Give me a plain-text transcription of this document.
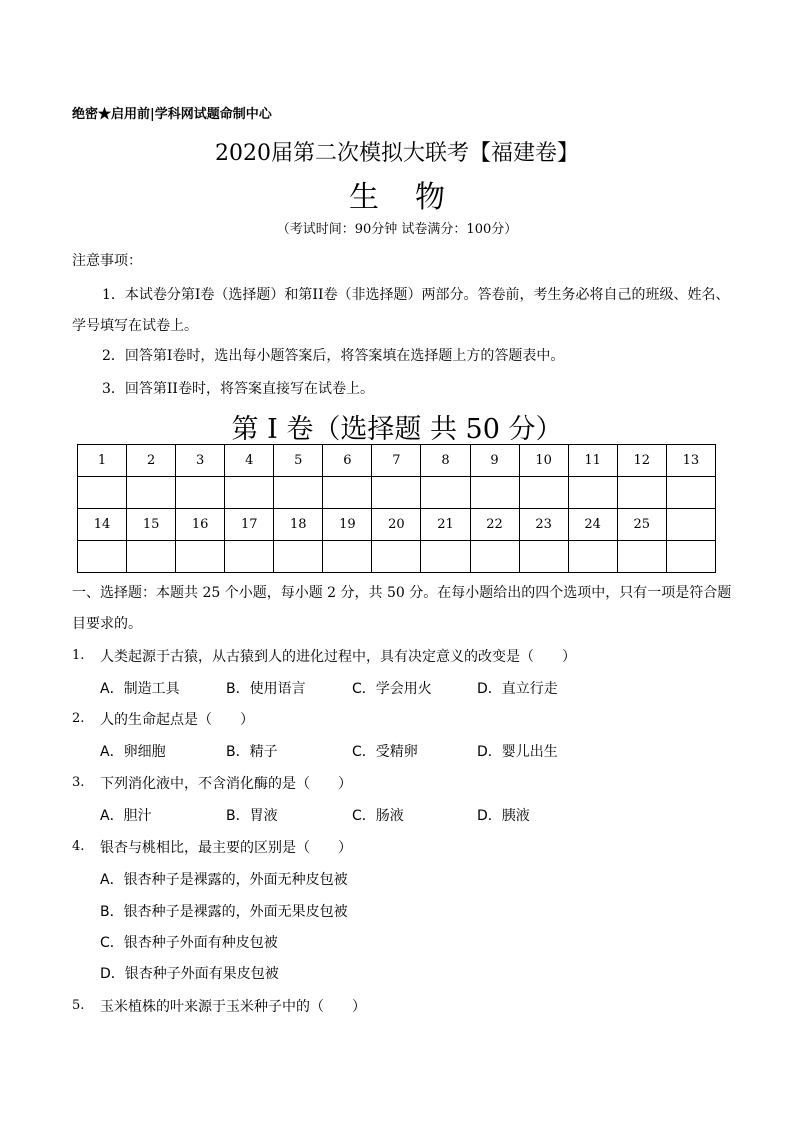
绝密★启用前|学科网试题命制中心
2020届第二次模拟大联考【福建卷】
生物
（考试时间：90分钟 试卷满分：100分）
注意事项：
1．本试卷分第I卷（选择题）和第II卷（非选择题）两部分。答卷前，考生务必将自己的班级、姓名、
学号填写在试卷上。
2．回答第I卷时，选出每小题答案后，将答案填在选择题上方的答题表中。
3．回答第II卷时，将答案直接写在试卷上。
第 I 卷（选择题 共 50 分）
1	2	3	4	5	6	7	8	9	10	11	12	13

14	15	16	17	18	19	20	21	22	23	24	25	

一、选择题：本题共 25 个小题，每小题 2 分，共 50 分。在每小题给出的四个选项中，只有一项是符合题
目要求的。
1. 人类起源于古猿，从古猿到人的进化过程中，具有决定意义的改变是（　　）
A．制造工具	B．使用语言	C．学会用火	D．直立行走
2. 人的生命起点是（　　）
A．卵细胞	B．精子	C．受精卵	D．婴儿出生
3. 下列消化液中，不含消化酶的是（　　）
A．胆汁	B．胃液	C．肠液	D．胰液
4. 银杏与桃相比，最主要的区别是（　　）
A．银杏种子是裸露的，外面无种皮包被
B．银杏种子是裸露的，外面无果皮包被
C．银杏种子外面有种皮包被
D．银杏种子外面有果皮包被
5. 玉米植株的叶来源于玉米种子中的（　　）
